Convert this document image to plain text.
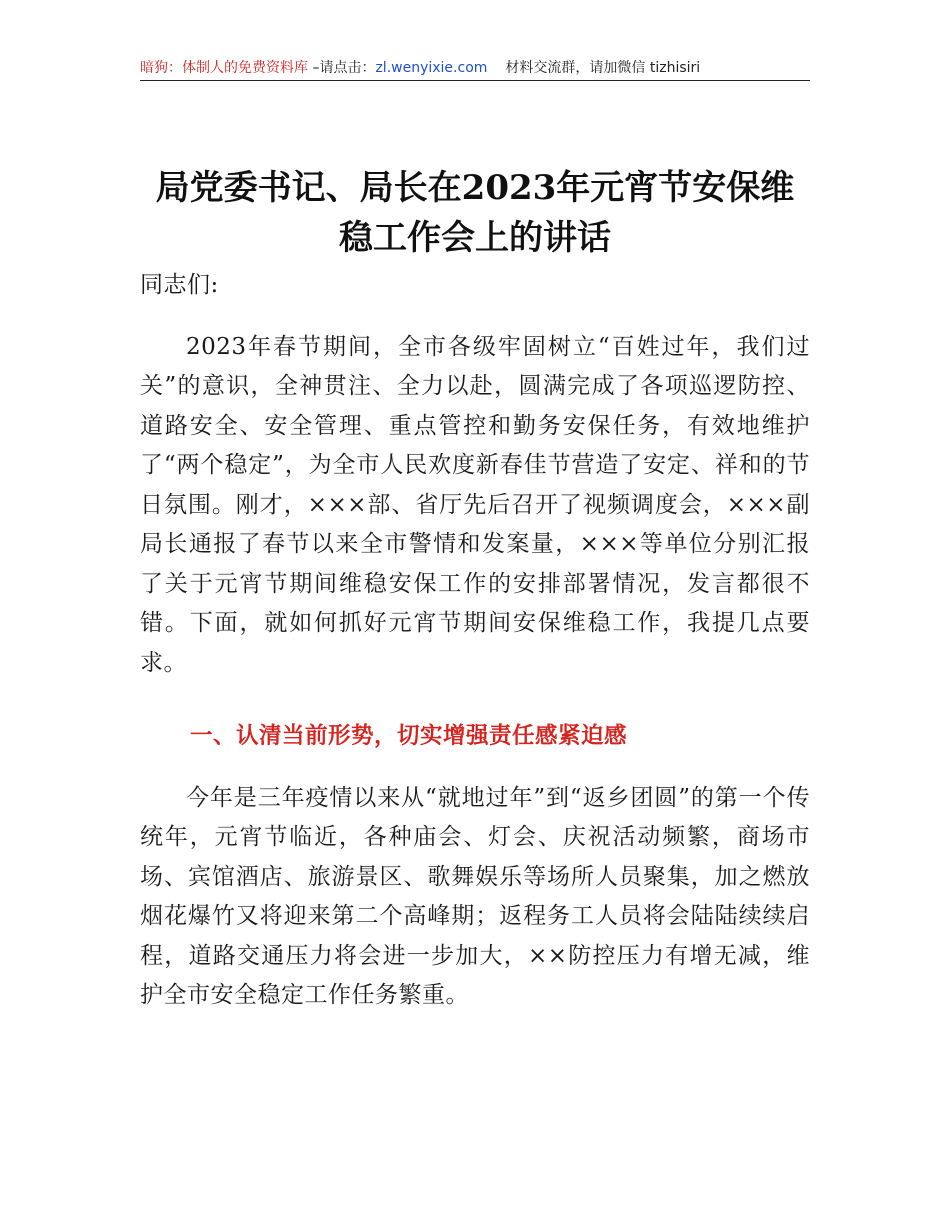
暗狗：体制人的免费资料库 –请点击：zl.wenyixie.com 材料交流群，请加微信 tizhisiri
局党委书记、局长在2023年元宵节安保维稳工作会上的讲话

同志们:

2023年春节期间，全市各级牢固树立“百姓过年，我们过关”的意识，全神贯注、全力以赴，圆满完成了各项巡逻防控、道路安全、安全管理、重点管控和勤务安保任务，有效地维护了“两个稳定”，为全市人民欢度新春佳节营造了安定、祥和的节日氛围。刚才，×××部、省厅先后召开了视频调度会，×××副局长通报了春节以来全市警情和发案量，×××等单位分别汇报了关于元宵节期间维稳安保工作的安排部署情况，发言都很不错。下面，就如何抓好元宵节期间安保维稳工作，我提几点要求。

一、认清当前形势，切实增强责任感紧迫感

今年是三年疫情以来从“就地过年”到“返乡团圆”的第一个传统年，元宵节临近，各种庙会、灯会、庆祝活动频繁，商场市场、宾馆酒店、旅游景区、歌舞娱乐等场所人员聚集，加之燃放烟花爆竹又将迎来第二个高峰期；返程务工人员将会陆陆续续启程，道路交通压力将会进一步加大，××防控压力有增无减，维护全市安全稳定工作任务繁重。
